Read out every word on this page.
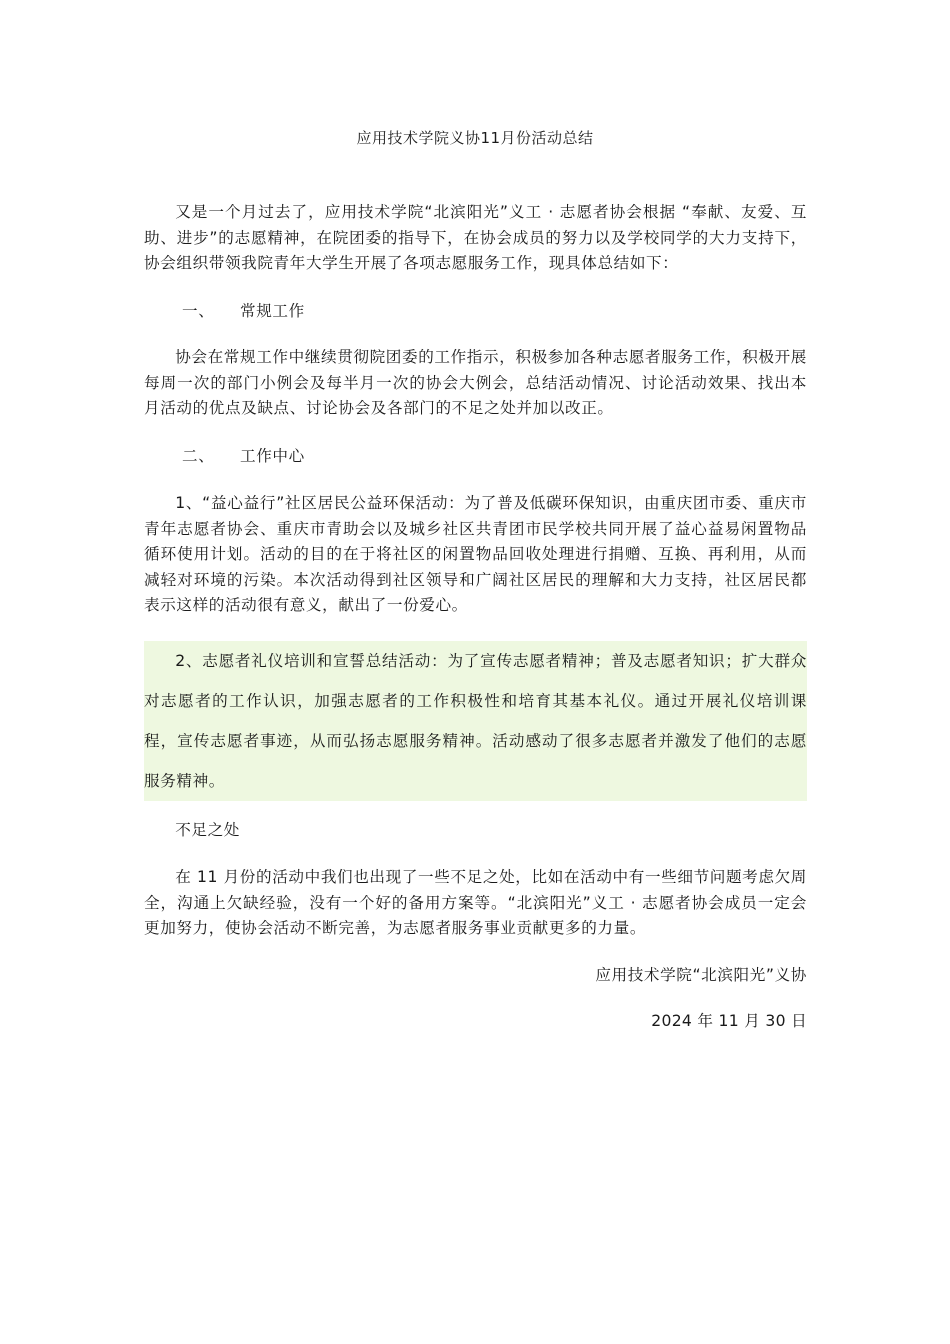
应用技术学院义协11月份活动总结

又是一个月过去了，应用技术学院“北滨阳光”义工 · 志愿者协会根据 “奉献、友爱、互助、进步”的志愿精神，在院团委的指导下，在协会成员的努力以及学校同学的大力支持下，协会组织带领我院青年大学生开展了各项志愿服务工作，现具体总结如下：

一、 常规工作

协会在常规工作中继续贯彻院团委的工作指示，积极参加各种志愿者服务工作，积极开展每周一次的部门小例会及每半月一次的协会大例会，总结活动情况、讨论活动效果、找出本月活动的优点及缺点、讨论协会及各部门的不足之处并加以改正。

二、 工作中心

1、“益心益行”社区居民公益环保活动：为了普及低碳环保知识，由重庆团市委、重庆市青年志愿者协会、重庆市青助会以及城乡社区共青团市民学校共同开展了益心益易闲置物品循环使用计划。活动的目的在于将社区的闲置物品回收处理进行捐赠、互换、再利用，从而减轻对环境的污染。本次活动得到社区领导和广阔社区居民的理解和大力支持，社区居民都表示这样的活动很有意义，献出了一份爱心。

2、志愿者礼仪培训和宣誓总结活动：为了宣传志愿者精神；普及志愿者知识；扩大群众对志愿者的工作认识，加强志愿者的工作积极性和培育其基本礼仪。通过开展礼仪培训课程，宣传志愿者事迹，从而弘扬志愿服务精神。活动感动了很多志愿者并激发了他们的志愿服务精神。

不足之处

在 11 月份的活动中我们也出现了一些不足之处，比如在活动中有一些细节问题考虑欠周全，沟通上欠缺经验，没有一个好的备用方案等。“北滨阳光”义工 · 志愿者协会成员一定会更加努力，使协会活动不断完善，为志愿者服务事业贡献更多的力量。

应用技术学院“北滨阳光”义协

2024 年 11 月 30 日
